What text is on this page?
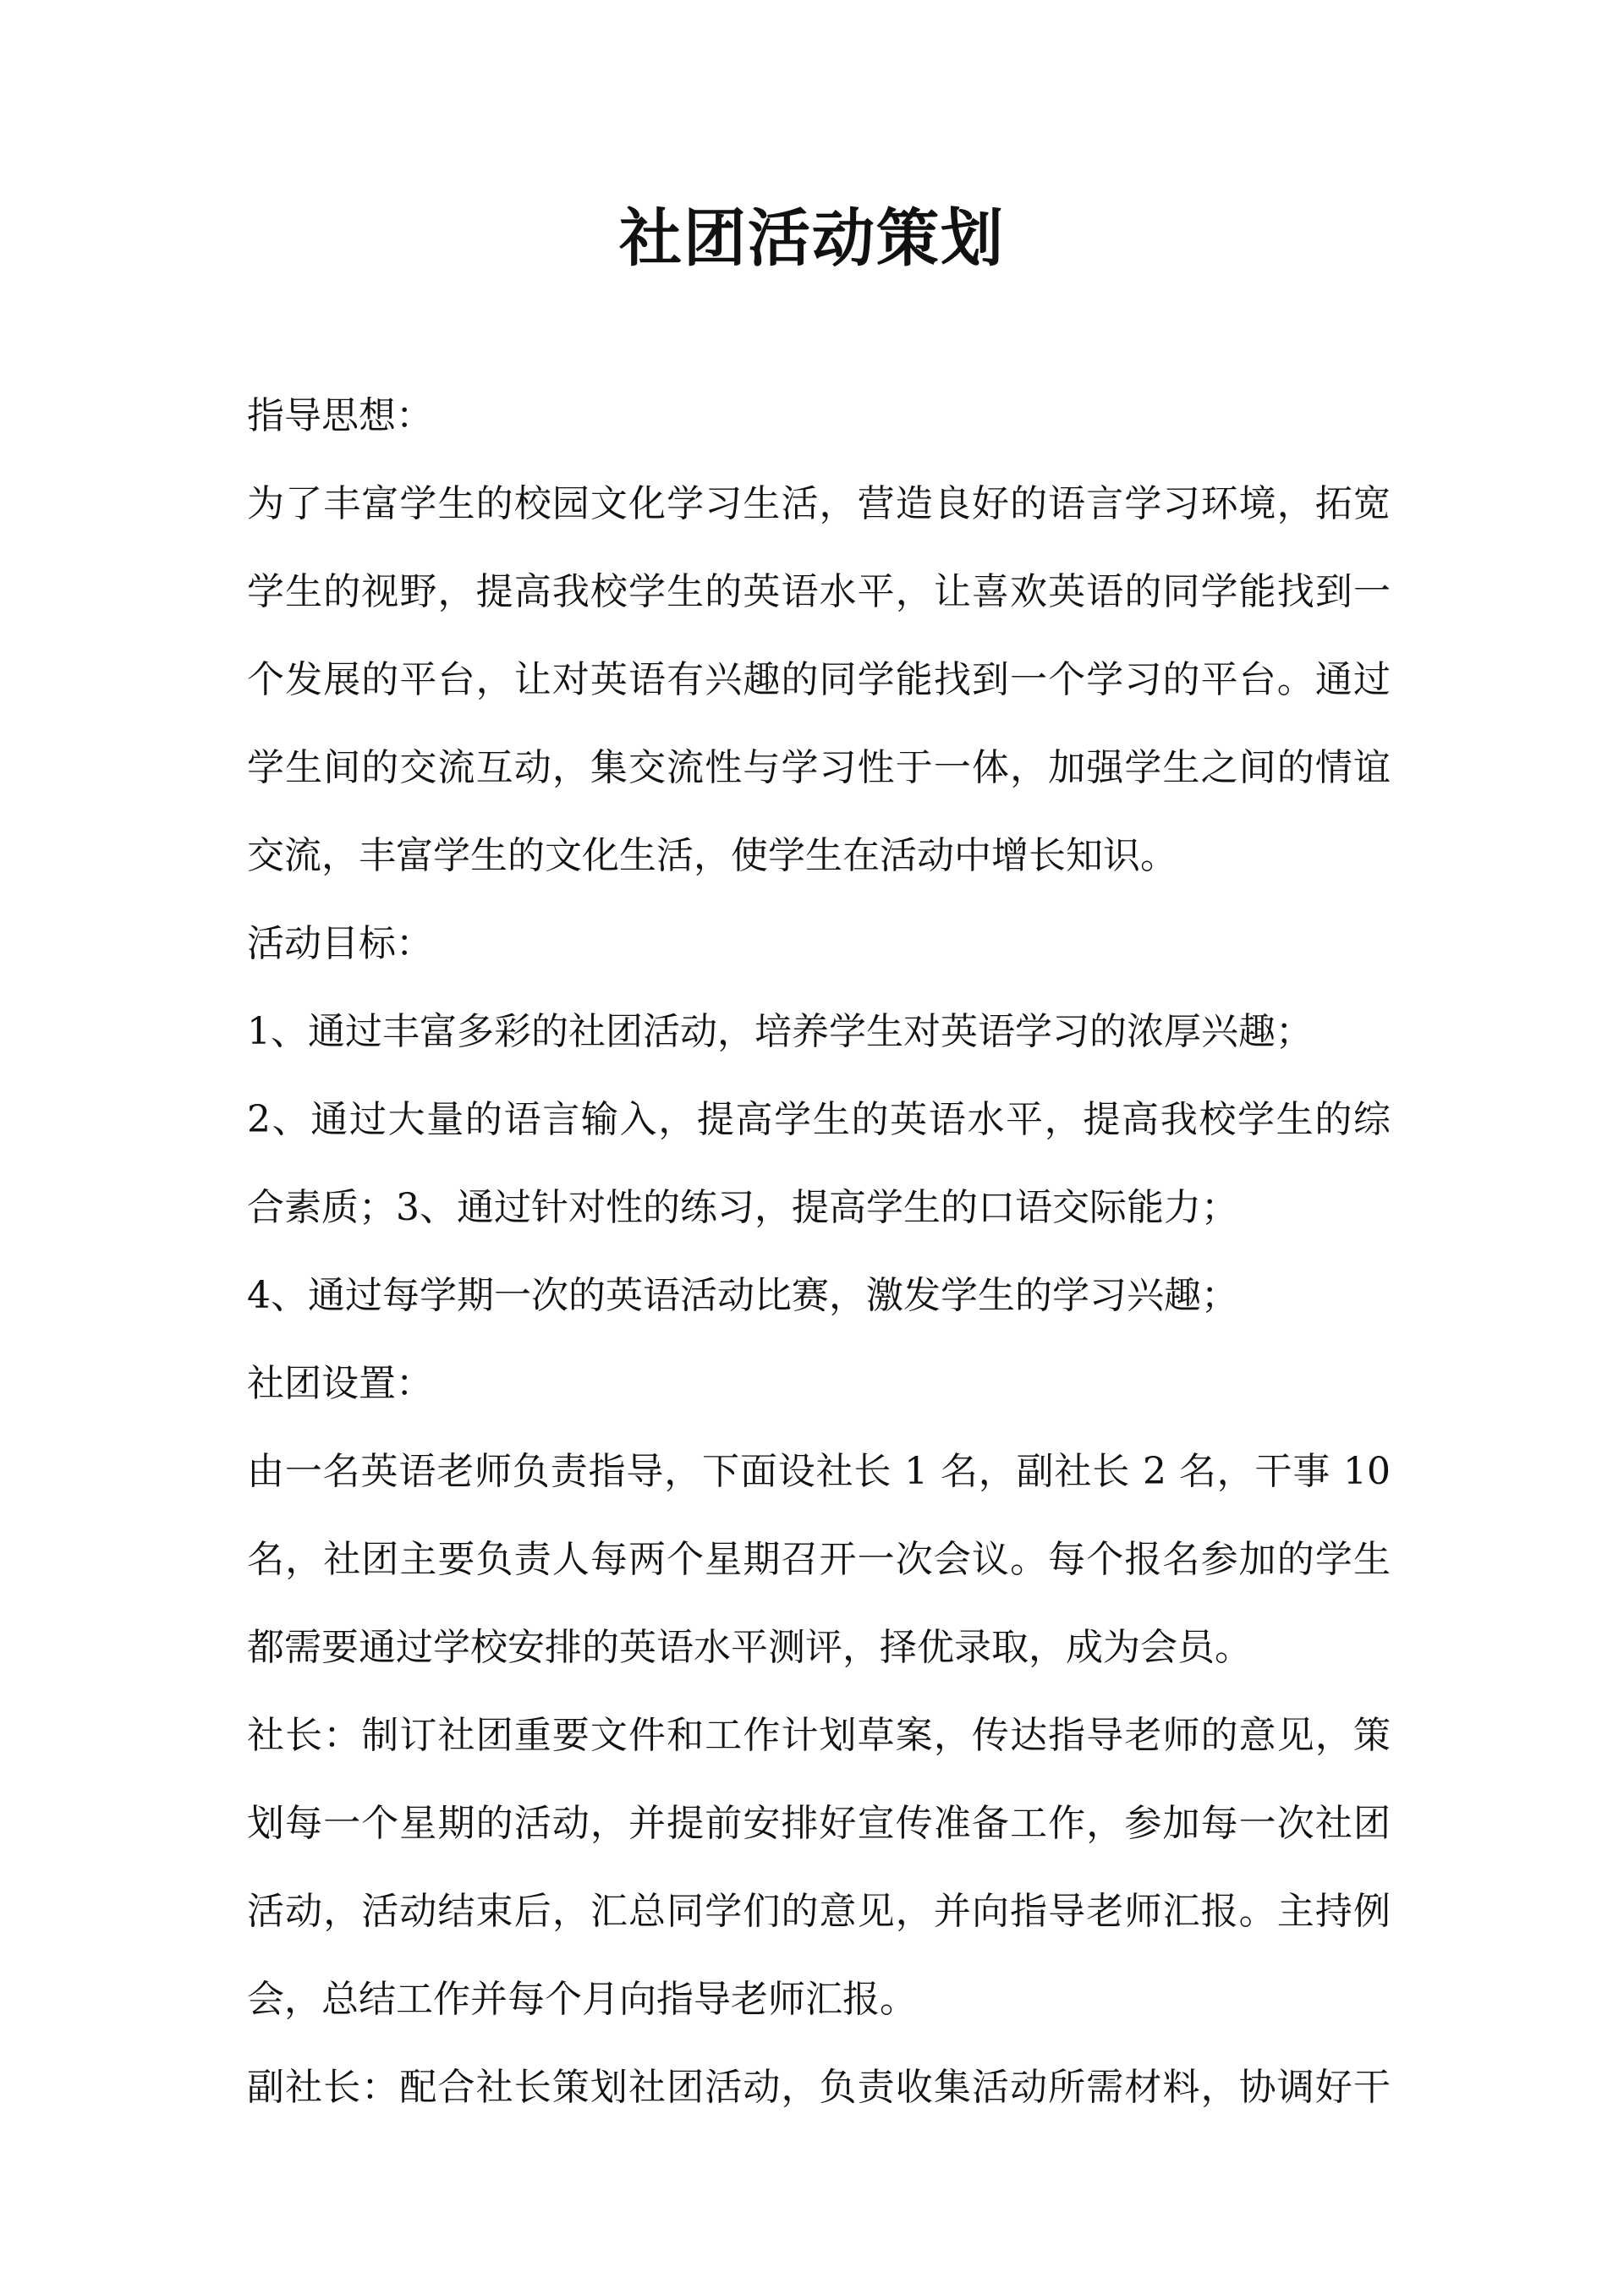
社团活动策划
指导思想：
为了丰富学生的校园文化学习生活，营造良好的语言学习环境，拓宽
学生的视野，提高我校学生的英语水平，让喜欢英语的同学能找到一
个发展的平台，让对英语有兴趣的同学能找到一个学习的平台。通过
学生间的交流互动，集交流性与学习性于一体，加强学生之间的情谊
交流，丰富学生的文化生活，使学生在活动中增长知识。
活动目标：
1、通过丰富多彩的社团活动，培养学生对英语学习的浓厚兴趣；
2、通过大量的语言输入，提高学生的英语水平，提高我校学生的综
合素质；3、通过针对性的练习，提高学生的口语交际能力；
4、通过每学期一次的英语活动比赛，激发学生的学习兴趣；
社团设置：
由一名英语老师负责指导，下面设社长 1 名，副社长 2 名，干事 10
名，社团主要负责人每两个星期召开一次会议。每个报名参加的学生
都需要通过学校安排的英语水平测评，择优录取，成为会员。
社长：制订社团重要文件和工作计划草案，传达指导老师的意见，策
划每一个星期的活动，并提前安排好宣传准备工作，参加每一次社团
活动，活动结束后，汇总同学们的意见，并向指导老师汇报。主持例
会，总结工作并每个月向指导老师汇报。
副社长：配合社长策划社团活动，负责收集活动所需材料，协调好干
